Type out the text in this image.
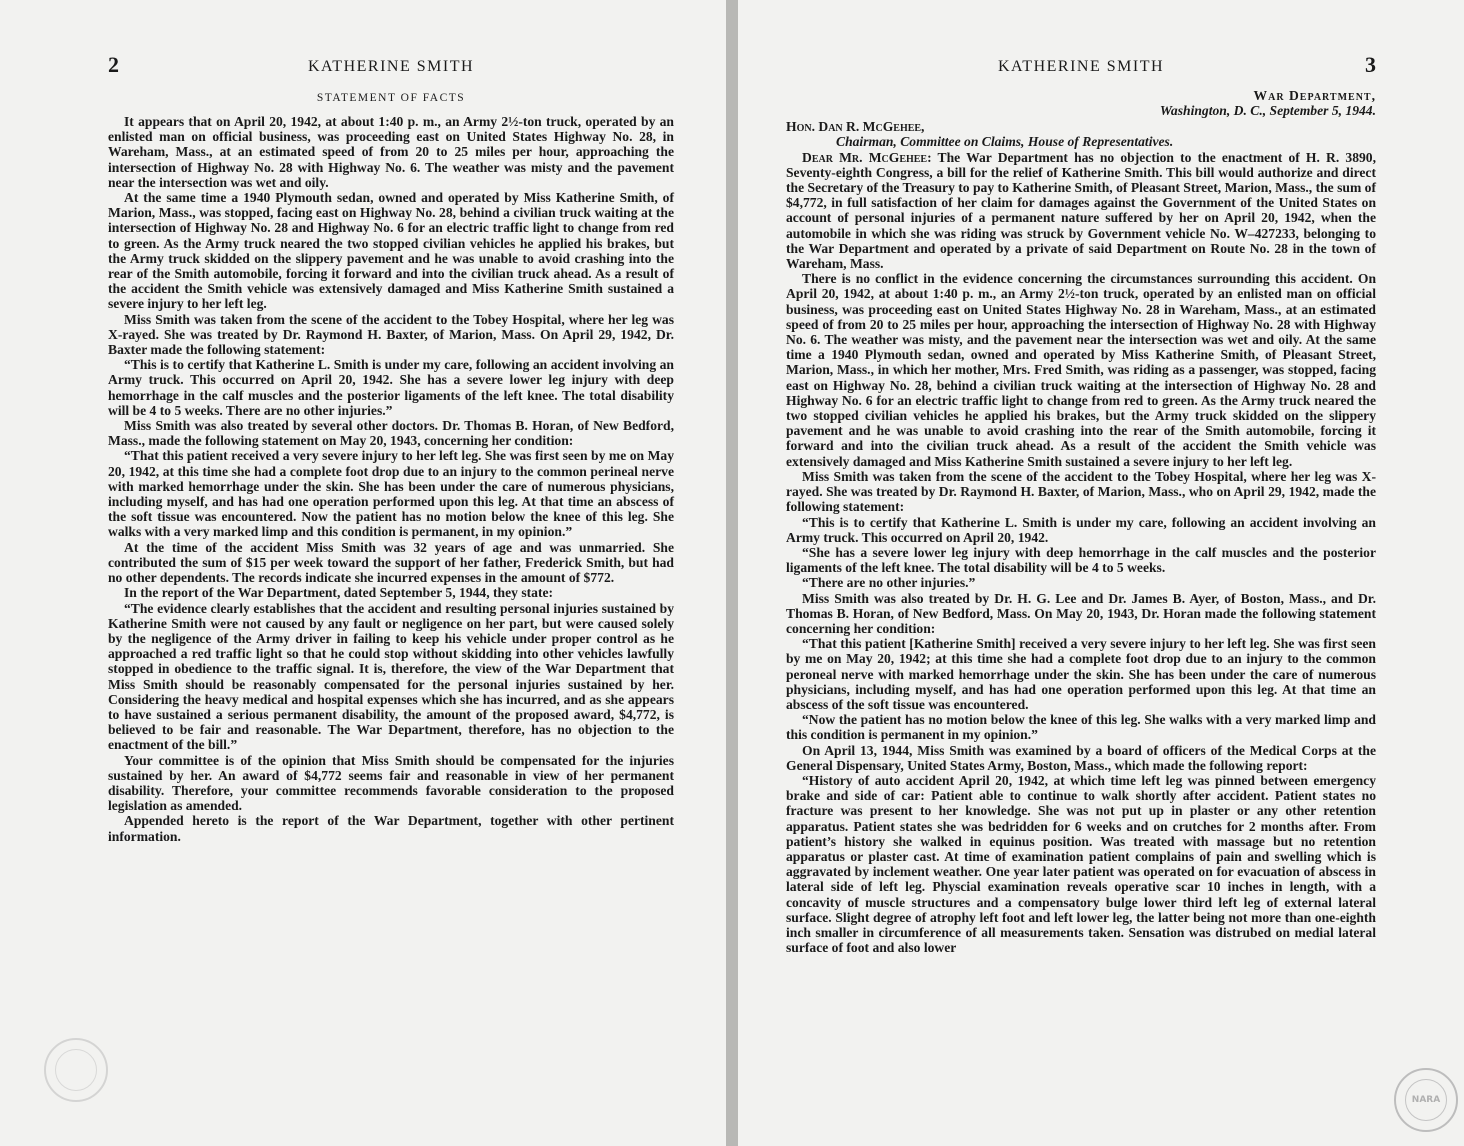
2	KATHERINE SMITH
STATEMENT OF FACTS

It appears that on April 20, 1942, at about 1:40 p. m., an Army 2½-ton truck, operated by an enlisted man on official business, was proceeding east on United States Highway No. 28, in Wareham, Mass., at an estimated speed of from 20 to 25 miles per hour, approaching the intersection of Highway No. 28 with Highway No. 6. The weather was misty and the pavement near the intersection was wet and oily.

At the same time a 1940 Plymouth sedan, owned and operated by Miss Katherine Smith, of Marion, Mass., was stopped, facing east on Highway No. 28, behind a civilian truck waiting at the intersection of Highway No. 28 and Highway No. 6 for an electric traffic light to change from red to green. As the Army truck neared the two stopped civilian vehicles he applied his brakes, but the Army truck skidded on the slippery pavement and he was unable to avoid crashing into the rear of the Smith automobile, forcing it forward and into the civilian truck ahead. As a result of the accident the Smith vehicle was extensively damaged and Miss Katherine Smith sustained a severe injury to her left leg.

Miss Smith was taken from the scene of the accident to the Tobey Hospital, where her leg was X-rayed. She was treated by Dr. Raymond H. Baxter, of Marion, Mass. On April 29, 1942, Dr. Baxter made the following statement:

“This is to certify that Katherine L. Smith is under my care, following an accident involving an Army truck. This occurred on April 20, 1942. She has a severe lower leg injury with deep hemorrhage in the calf muscles and the posterior ligaments of the left knee. The total disability will be 4 to 5 weeks. There are no other injuries.”

Miss Smith was also treated by several other doctors. Dr. Thomas B. Horan, of New Bedford, Mass., made the following statement on May 20, 1943, concerning her condition:

“That this patient received a very severe injury to her left leg. She was first seen by me on May 20, 1942, at this time she had a complete foot drop due to an injury to the common perineal nerve with marked hemorrhage under the skin. She has been under the care of numerous physicians, including myself, and has had one operation performed upon this leg. At that time an abscess of the soft tissue was encountered. Now the patient has no motion below the knee of this leg. She walks with a very marked limp and this condition is permanent, in my opinion.”

At the time of the accident Miss Smith was 32 years of age and was unmarried. She contributed the sum of $15 per week toward the support of her father, Frederick Smith, but had no other dependents. The records indicate she incurred expenses in the amount of $772.

In the report of the War Department, dated September 5, 1944, they state:

“The evidence clearly establishes that the accident and resulting personal injuries sustained by Katherine Smith were not caused by any fault or negligence on her part, but were caused solely by the negligence of the Army driver in failing to keep his vehicle under proper control as he approached a red traffic light so that he could stop without skidding into other vehicles lawfully stopped in obedience to the traffic signal. It is, therefore, the view of the War Department that Miss Smith should be reasonably compensated for the personal injuries sustained by her. Considering the heavy medical and hospital expenses which she has incurred, and as she appears to have sustained a serious permanent disability, the amount of the proposed award, $4,772, is believed to be fair and reasonable. The War Department, therefore, has no objection to the enactment of the bill.”

Your committee is of the opinion that Miss Smith should be compensated for the injuries sustained by her. An award of $4,772 seems fair and reasonable in view of her permanent disability. Therefore, your committee recommends favorable consideration to the proposed legislation as amended.

Appended hereto is the report of the War Department, together with other pertinent information.

KATHERINE SMITH	3
War Department,
Washington, D. C., September 5, 1944.
Hon. Dan R. McGehee,
Chairman, Committee on Claims, House of Representatives.

Dear Mr. McGehee: The War Department has no objection to the enactment of H. R. 3890, Seventy-eighth Congress, a bill for the relief of Katherine Smith. This bill would authorize and direct the Secretary of the Treasury to pay to Katherine Smith, of Pleasant Street, Marion, Mass., the sum of $4,772, in full satisfaction of her claim for damages against the Government of the United States on account of personal injuries of a permanent nature suffered by her on April 20, 1942, when the automobile in which she was riding was struck by Government vehicle No. W–427233, belonging to the War Department and operated by a private of said Department on Route No. 28 in the town of Wareham, Mass.

There is no conflict in the evidence concerning the circumstances surrounding this accident. On April 20, 1942, at about 1:40 p. m., an Army 2½-ton truck, operated by an enlisted man on official business, was proceeding east on United States Highway No. 28 in Wareham, Mass., at an estimated speed of from 20 to 25 miles per hour, approaching the intersection of Highway No. 28 with Highway No. 6. The weather was misty, and the pavement near the intersection was wet and oily. At the same time a 1940 Plymouth sedan, owned and operated by Miss Katherine Smith, of Pleasant Street, Marion, Mass., in which her mother, Mrs. Fred Smith, was riding as a passenger, was stopped, facing east on Highway No. 28, behind a civilian truck waiting at the intersection of Highway No. 28 and Highway No. 6 for an electric traffic light to change from red to green. As the Army truck neared the two stopped civilian vehicles he applied his brakes, but the Army truck skidded on the slippery pavement and he was unable to avoid crashing into the rear of the Smith automobile, forcing it forward and into the civilian truck ahead. As a result of the accident the Smith vehicle was extensively damaged and Miss Katherine Smith sustained a severe injury to her left leg.

Miss Smith was taken from the scene of the accident to the Tobey Hospital, where her leg was X-rayed. She was treated by Dr. Raymond H. Baxter, of Marion, Mass., who on April 29, 1942, made the following statement:

“This is to certify that Katherine L. Smith is under my care, following an accident involving an Army truck. This occurred on April 20, 1942.

“She has a severe lower leg injury with deep hemorrhage in the calf muscles and the posterior ligaments of the left knee. The total disability will be 4 to 5 weeks.

“There are no other injuries.”

Miss Smith was also treated by Dr. H. G. Lee and Dr. James B. Ayer, of Boston, Mass., and Dr. Thomas B. Horan, of New Bedford, Mass. On May 20, 1943, Dr. Horan made the following statement concerning her condition:

“That this patient [Katherine Smith] received a very severe injury to her left leg. She was first seen by me on May 20, 1942; at this time she had a complete foot drop due to an injury to the common peroneal nerve with marked hemorrhage under the skin. She has been under the care of numerous physicians, including myself, and has had one operation performed upon this leg. At that time an abscess of the soft tissue was encountered.

“Now the patient has no motion below the knee of this leg. She walks with a very marked limp and this condition is permanent in my opinion.”

On April 13, 1944, Miss Smith was examined by a board of officers of the Medical Corps at the General Dispensary, United States Army, Boston, Mass., which made the following report:

“History of auto accident April 20, 1942, at which time left leg was pinned between emergency brake and side of car: Patient able to continue to walk shortly after accident. Patient states no fracture was present to her knowledge. She was not put up in plaster or any other retention apparatus. Patient states she was bedridden for 6 weeks and on crutches for 2 months after. From patient’s history she walked in equinus position. Was treated with massage but no retention apparatus or plaster cast. At time of examination patient complains of pain and swelling which is aggravated by inclement weather. One year later patient was operated on for evacuation of abscess in lateral side of left leg. Physcial examination reveals operative scar 10 inches in length, with a concavity of muscle structures and a compensatory bulge lower third left leg of external lateral surface. Slight degree of atrophy left foot and left lower leg, the latter being not more than one-eighth inch smaller in circumference of all measurements taken. Sensation was distrubed on medial lateral surface of foot and also lower

NARA
